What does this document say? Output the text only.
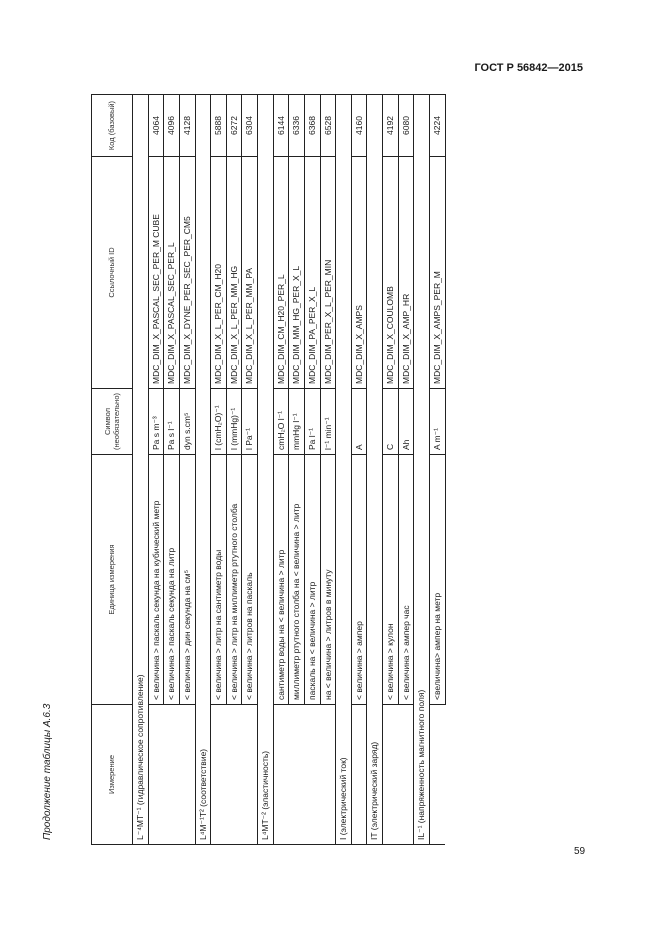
ГОСТ Р 56842—2015
Продолжение таблицы А.6.3	Измерение	Единица измерения	Символ (необязательно)	Ссылочный ID	Код (базовый)
L⁻⁴MT⁻¹ (гидравлическое сопротивление)				
	< величина > паскаль секунда на кубический метр	Pa s m⁻³	MDC_DIM_X_PASCAL_SEC_PER_M CUBE	4064
	< величина > паскаль секунда на литр	Pa s l⁻¹	MDC_DIM_X_PASCAL_SEC_PER_L	4096
	< величина > дин секунда на см⁵	dyn s.cm⁵	MDC_DIM_X_DYNE_PER_SEC_PER_CM5	4128
L⁴M⁻¹T² (соответствие)				
	< величина > литр на сантиметр воды	l (cmH₂O)⁻¹	MDC_DIM_X_L_PER_CM_H20	5888
	< величина > литр на миллиметр ртутного столба	l (mmHg)⁻¹	MDC_DIM_X_L_PER_MM_HG	6272
	< величина > литров на паскаль	l Pa⁻¹	MDC_DIM_X_L_PER_MM_PA	6304
L⁴MT⁻² (эластичность)				
	сантиметр воды на < величина > литр	cmH₂O l⁻¹	MDC_DIM_CM_H20_PER_L	6144
	миллиметр ртутного столба на < величина > литр	mmHg l⁻¹	MDC_DIM_MM_HG_PER_X_L	6336
	паскаль на < величина > литр	Pa l⁻¹	MDC_DIM_PA_PER_X_L	6368
	на < величина > литров в минуту	l⁻¹ min⁻¹	MDC_DIM_PER_X_L_PER_MIN	6528
I (электрический ток)				
	< величина > ампер	A	MDC_DIM_X_AMPS	4160
IT (электрический заряд)				
	< величина > кулон	C	MDC_DIM_X_COULOMB	4192
	< величина > ампер час	Ah	MDC_DIM_X_AMP_HR	6080
IL⁻¹ (напряженность магнитного поля)				
	<величина> ампер на метр	A m⁻¹	MDC_DIM_X_AMPS_PER_M	4224
59
